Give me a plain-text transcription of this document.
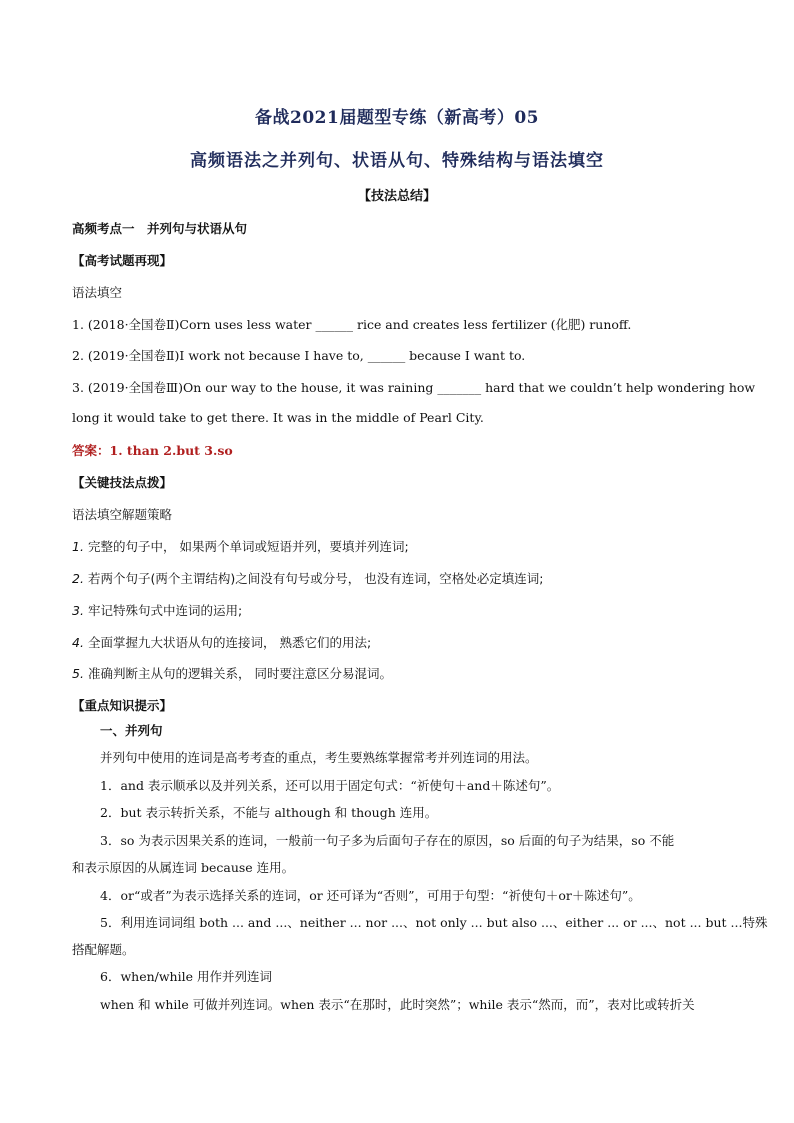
备战2021届题型专练（新高考）05
高频语法之并列句、状语从句、特殊结构与语法填空
【技法总结】
高频考点一　并列句与状语从句
【高考试题再现】
语法填空
1. (2018·全国卷Ⅱ)Corn uses less water ______ rice and creates less fertilizer (化肥) runoff.
2. (2019·全国卷Ⅱ)I work not because I have to, ______ because I want to.
3. (2019·全国卷Ⅲ)On our way to the house, it was raining _______ hard that we couldn’t help wondering how
long it would take to get there. It was in the middle of Pearl City.
答案：1. than 2.but 3.so
【关键技法点拨】
语法填空解题策略
1. 完整的句子中， 如果两个单词或短语并列，要填并列连词;
2. 若两个句子(两个主谓结构)之间没有句号或分号， 也没有连词，空格处必定填连词;
3. 牢记特殊句式中连词的运用;
4. 全面掌握九大状语从句的连接词， 熟悉它们的用法;
5. 准确判断主从句的逻辑关系， 同时要注意区分易混词。
【重点知识提示】
一、并列句
并列句中使用的连词是高考考查的重点，考生要熟练掌握常考并列连词的用法。
1．and 表示顺承以及并列关系，还可以用于固定句式：“祈使句＋and＋陈述句”。
2．but 表示转折关系，不能与 although 和 though 连用。
3．so 为表示因果关系的连词，一般前一句子多为后面句子存在的原因，so 后面的句子为结果，so 不能
和表示原因的从属连词 because 连用。
4．or“或者”为表示选择关系的连词，or 还可译为“否则”，可用于句型：“祈使句＋or＋陈述句”。
5．利用连词词组 both ... and ...、neither ... nor ...、not only ... but also ...、either ... or ...、not ... but ...特殊
搭配解题。
6．when/while 用作并列连词
when 和 while 可做并列连词。when 表示“在那时，此时突然”；while 表示“然而，而”，表对比或转折关
